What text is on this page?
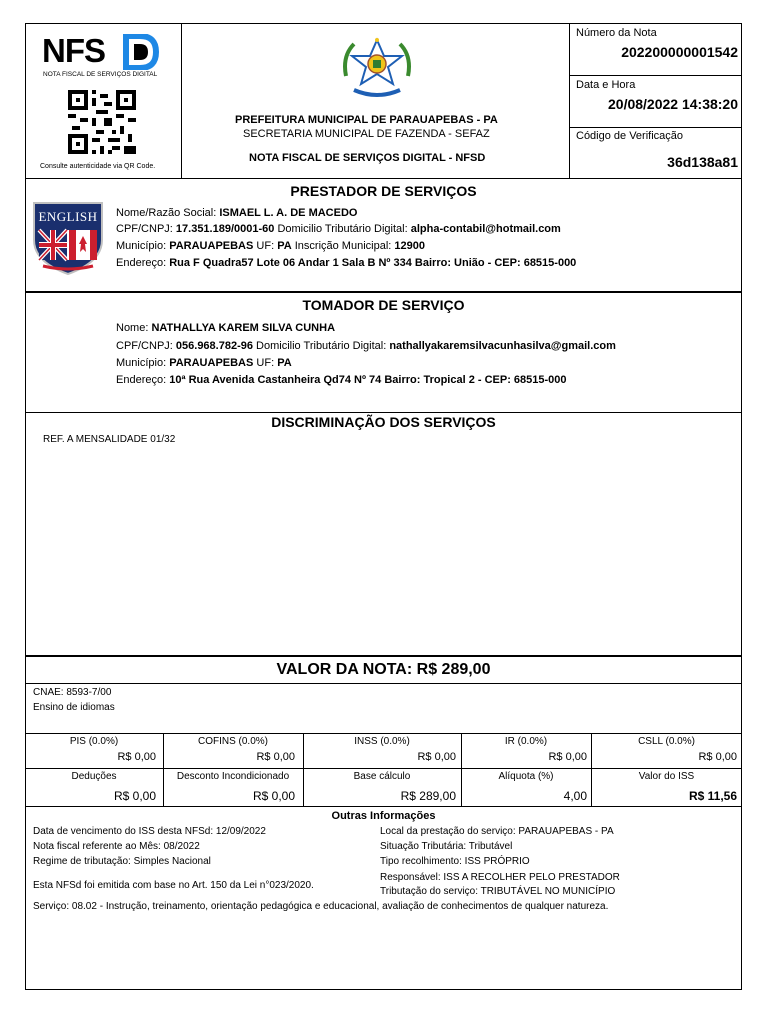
NFS
NOTA FISCAL DE SERVIÇOS DIGITAL
Consulte autenticidade via QR Code.
PREFEITURA MUNICIPAL DE PARAUAPEBAS - PA
SECRETARIA MUNICIPAL DE FAZENDA - SEFAZ
NOTA FISCAL DE SERVIÇOS DIGITAL - NFSD
Número da Nota
202200000001542
Data e Hora
20/08/2022 14:38:20
Código de Verificação
36d138a81
PRESTADOR DE SERVIÇOS
ENGLISH	Nome/Razão Social: ISMAEL L. A. DE MACEDO
CPF/CNPJ: 17.351.189/0001-60 Domicilio Tributário Digital: alpha-contabil@hotmail.com
Município: PARAUAPEBAS UF: PA Inscrição Municipal: 12900
Endereço: Rua F Quadra57 Lote 06 Andar 1 Sala B Nº 334 Bairro: União - CEP: 68515-000
TOMADOR DE SERVIÇO
Nome: NATHALLYA KAREM SILVA CUNHA
CPF/CNPJ: 056.968.782-96 Domicilio Tributário Digital: nathallyakaremsilvacunhasilva@gmail.com
Município: PARAUAPEBAS UF: PA
Endereço: 10ª Rua Avenida Castanheira Qd74 Nº 74 Bairro: Tropical 2 - CEP: 68515-000
DISCRIMINAÇÃO DOS SERVIÇOS
REF. A MENSALIDADE 01/32
VALOR DA NOTA: R$ 289,00
CNAE: 8593-7/00
Ensino de idiomas
PIS (0.0%)
R$ 0,00
COFINS (0.0%)
R$ 0,00
INSS (0.0%)
R$ 0,00
IR (0.0%)
R$ 0,00
CSLL (0.0%)
R$ 0,00
Deduções
R$ 0,00
Desconto Incondicionado
R$ 0,00
Base cálculo
R$ 289,00
Alíquota (%)
4,00
Valor do ISS
R$ 11,56
Outras Informações
Data de vencimento do ISS desta NFSd: 12/09/2022
Nota fiscal referente ao Mês: 08/2022
Regime de tributação: Simples Nacional
Esta NFSd foi emitida com base no Art. 150 da Lei n°023/2020.
Local da prestação do serviço: PARAUAPEBAS - PA
Situação Tributária: Tributável
Tipo recolhimento: ISS PRÓPRIO
Responsável: ISS A RECOLHER PELO PRESTADOR
Tributação do serviço: TRIBUTÁVEL NO MUNICÍPIO
Serviço: 08.02 - Instrução, treinamento, orientação pedagógica e educacional, avaliação de conhecimentos de qualquer natureza.
